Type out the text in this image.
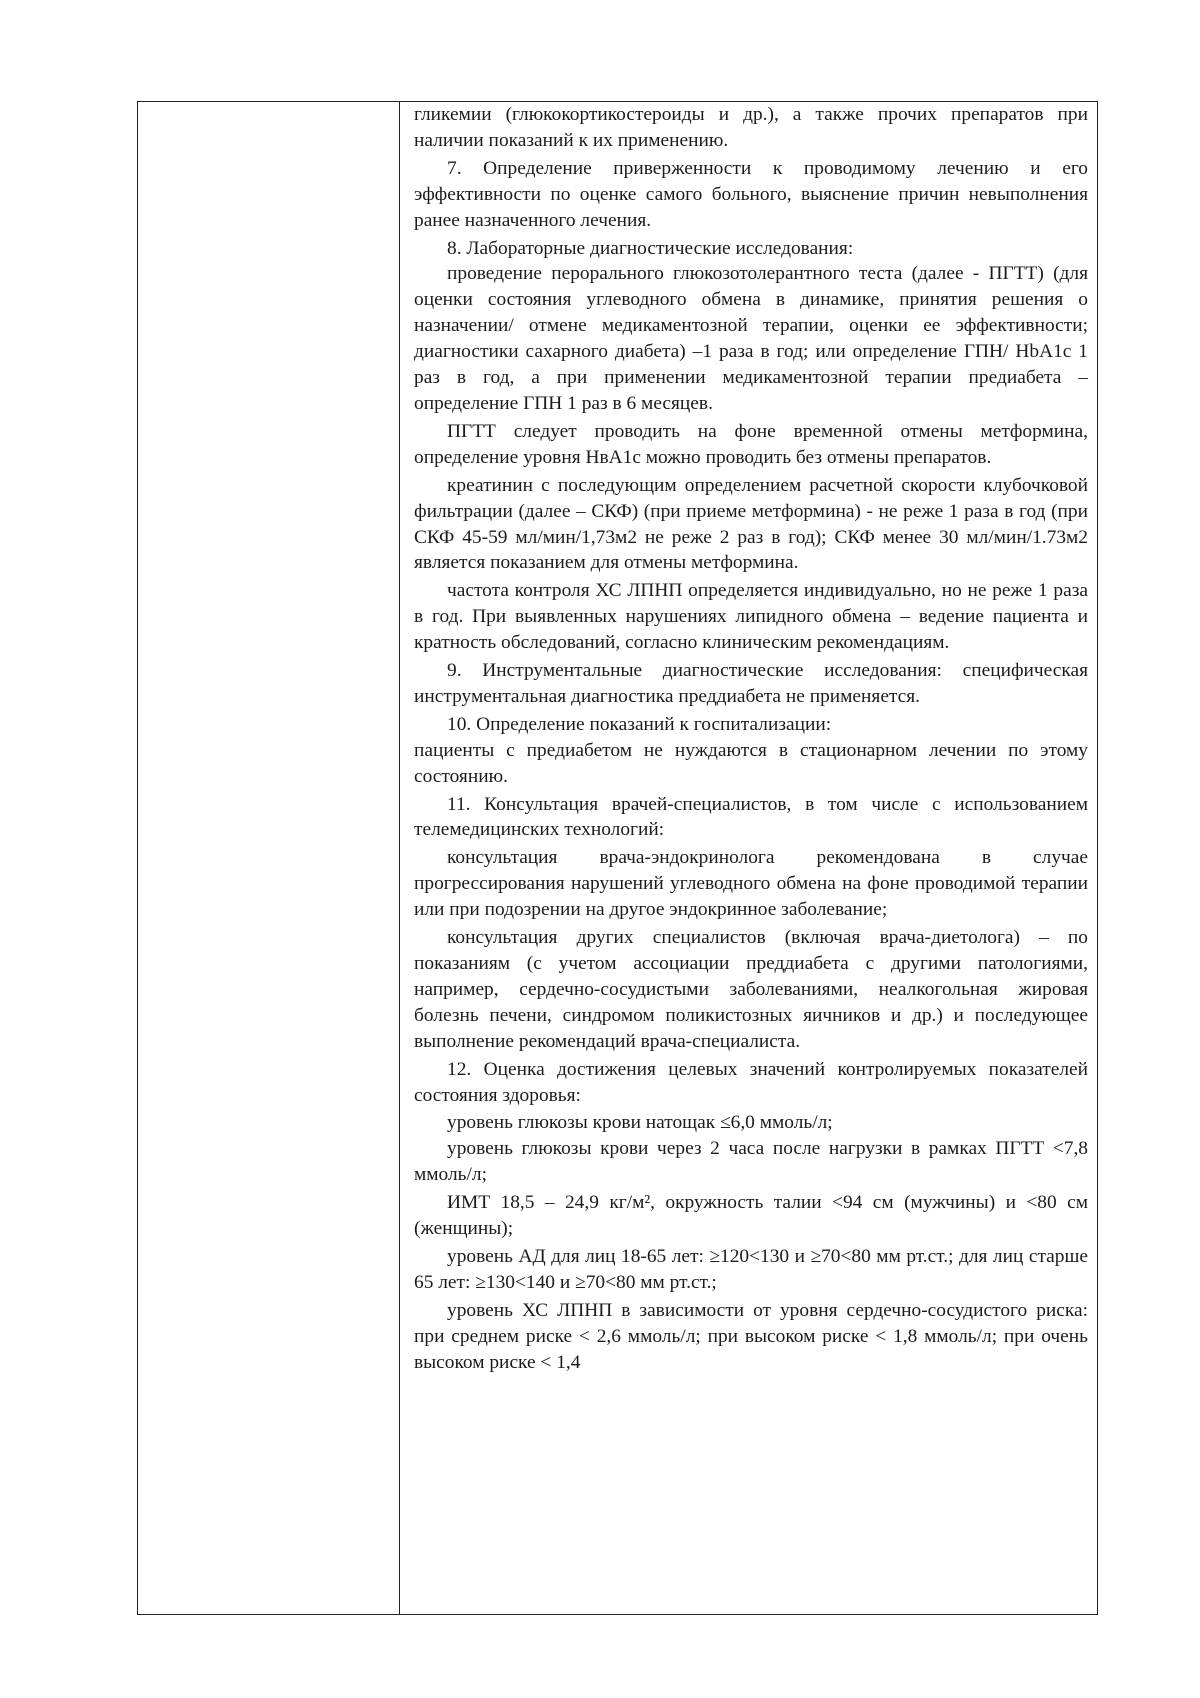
гликемии (глюкокортикостероиды и др.), а также прочих препаратов при наличии показаний к их применению.

7. Определение приверженности к проводимому лечению и его эффективности по оценке самого больного, выяснение причин невыполнения ранее назначенного лечения.

8. Лабораторные диагностические исследования:

проведение перорального глюкозотолерантного теста (далее - ПГТТ) (для оценки состояния углеводного обмена в динамике, принятия решения о назначении/ отмене медикаментозной терапии, оценки ее эффективности; диагностики сахарного диабета) –1 раза в год; или определение ГПН/ HbA1c 1 раз в год, а при применении медикаментозной терапии предиабета – определение ГПН 1 раз в 6 месяцев.

ПГТТ следует проводить на фоне временной отмены метформина, определение уровня НвА1с можно проводить без отмены препаратов.

креатинин с последующим определением расчетной скорости клубочковой фильтрации (далее – СКФ) (при приеме метформина) - не реже 1 раза в год (при СКФ 45-59 мл/мин/1,73м2 не реже 2 раз в год); СКФ менее 30 мл/мин/1.73м2 является показанием для отмены метформина.

частота контроля ХС ЛПНП определяется индивидуально, но не реже 1 раза в год. При выявленных нарушениях липидного обмена – ведение пациента и кратность обследований, согласно клиническим рекомендациям.

9. Инструментальные диагностические исследования: специфическая инструментальная диагностика преддиабета не применяется.

10. Определение показаний к госпитализации:

пациенты с предиабетом не нуждаются в стационарном лечении по этому состоянию.

11. Консультация врачей-специалистов, в том числе с использованием телемедицинских технологий:

консультация врача-эндокринолога рекомендована в случае прогрессирования нарушений углеводного обмена на фоне проводимой терапии или при подозрении на другое эндокринное заболевание;

консультация других специалистов (включая врача-диетолога) – по показаниям (с учетом ассоциации преддиабета с другими патологиями, например, сердечно-сосудистыми заболеваниями, неалкогольная жировая болезнь печени, синдромом поликистозных яичников и др.) и последующее выполнение рекомендаций врача-специалиста.

12. Оценка достижения целевых значений контролируемых показателей состояния здоровья:

уровень глюкозы крови натощак ≤6,0 ммоль/л;

уровень глюкозы крови через 2 часа после нагрузки в рамках ПГТТ <7,8 ммоль/л;

ИМТ 18,5 – 24,9 кг/м², окружность талии <94 см (мужчины) и <80 см (женщины);

уровень АД для лиц 18-65 лет: ≥120<130 и ≥70<80 мм рт.ст.; для лиц старше 65 лет: ≥130<140 и ≥70<80 мм рт.ст.;

уровень ХС ЛПНП в зависимости от уровня сердечно-сосудистого риска: при среднем риске < 2,6 ммоль/л; при высоком риске < 1,8 ммоль/л; при очень высоком риске < 1,4
